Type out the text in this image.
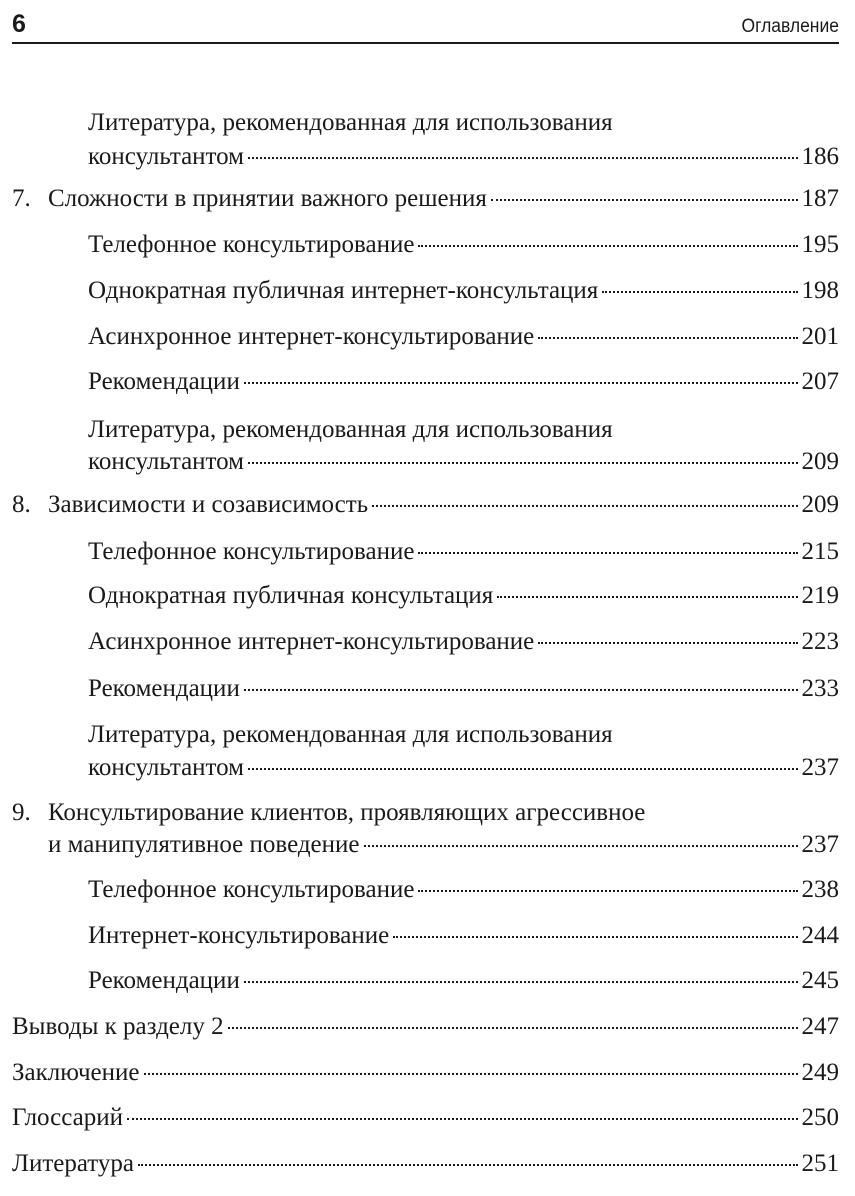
6	Оглавление
Литература, рекомендованная для использования
консультантом	186
7. Сложности в принятии важного решения	187
Телефонное консультирование	195
Однократная публичная интернет-консультация	198
Асинхронное интернет-консультирование	201
Рекомендации	207
Литература, рекомендованная для использования
консультантом	209
8. Зависимости и созависимость	209
Телефонное консультирование	215
Однократная публичная консультация	219
Асинхронное интернет-консультирование	223
Рекомендации	233
Литература, рекомендованная для использования
консультантом	237
9. Консультирование клиентов, проявляющих агрессивное
и манипулятивное поведение	237
Телефонное консультирование	238
Интернет-консультирование	244
Рекомендации	245
Выводы к разделу 2	247
Заключение	249
Глоссарий	250
Литература	251
